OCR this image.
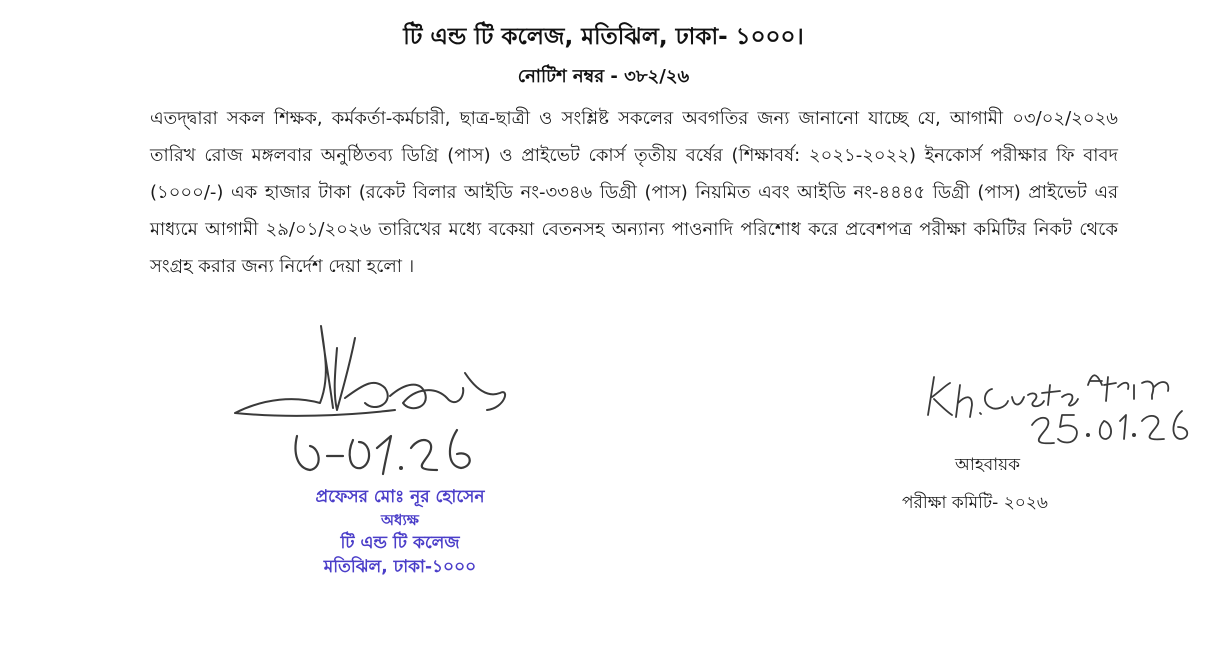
টি এন্ড টি কলেজ, মতিঝিল, ঢাকা- ১০০০।
নোটিশ নম্বর - ৩৮২/২৬
এতদ্দ্বারা সকল শিক্ষক, কর্মকর্তা-কর্মচারী, ছাত্র-ছাত্রী ও সংশ্লিষ্ট সকলের অবগতির জন্য জানানো যাচ্ছে যে, আগামী ০৩/০২/২০২৬ তারিখ রোজ মঙ্গলবার অনুষ্ঠিতব্য ডিগ্রি (পাস) ও প্রাইভেট কোর্স তৃতীয় বর্ষের (শিক্ষাবর্ষ: ২০২১-২০২২) ইনকোর্স পরীক্ষার ফি বাবদ (১০০০/-) এক হাজার টাকা (রকেট বিলার আইডি নং-৩৩৪৬ ডিগ্রী (পাস) নিয়মিত এবং আইডি নং-৪৪৪৫ ডিগ্রী (পাস) প্রাইভেট এর মাধ্যমে আগামী ২৯/০১/২০২৬ তারিখের মধ্যে বকেয়া বেতনসহ অন্যান্য পাওনাদি পরিশোধ করে প্রবেশপত্র পরীক্ষা কমিটির নিকট থেকে সংগ্রহ করার জন্য নির্দেশ দেয়া হলো ।
প্রফেসর মোঃ নূর হোসেন
অধ্যক্ষ
টি এন্ড টি কলেজ
মতিঝিল, ঢাকা-১০০০
আহবায়ক
পরীক্ষা কমিটি- ২০২৬
